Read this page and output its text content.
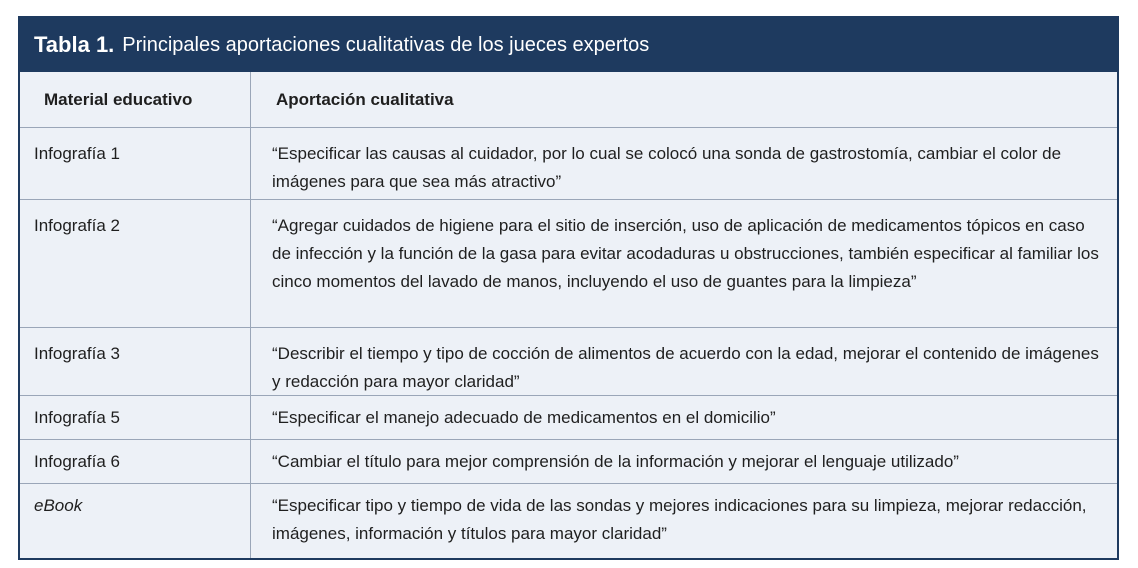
Tabla 1. Principales aportaciones cualitativas de los jueces expertos
Material educativo	Aportación cualitativa
Infografía 1	“Especificar las causas al cuidador, por lo cual se colocó una sonda de gastrostomía, cambiar el color de imágenes para que sea más atractivo”
Infografía 2	“Agregar cuidados de higiene para el sitio de inserción, uso de aplicación de medicamentos tópicos en caso de infección y la función de la gasa para evitar acodaduras u obstrucciones, también especificar al familiar los cinco momentos del lavado de manos, incluyendo el uso de guantes para la limpieza”
Infografía 3	“Describir el tiempo y tipo de cocción de alimentos de acuerdo con la edad, mejorar el contenido de imágenes y redacción para mayor claridad”
Infografía 5	“Especificar el manejo adecuado de medicamentos en el domicilio”
Infografía 6	“Cambiar el título para mejor comprensión de la información y mejorar el lenguaje utilizado”
eBook	“Especificar tipo y tiempo de vida de las sondas y mejores indicaciones para su limpieza, mejorar redacción, imágenes, información y títulos para mayor claridad”
